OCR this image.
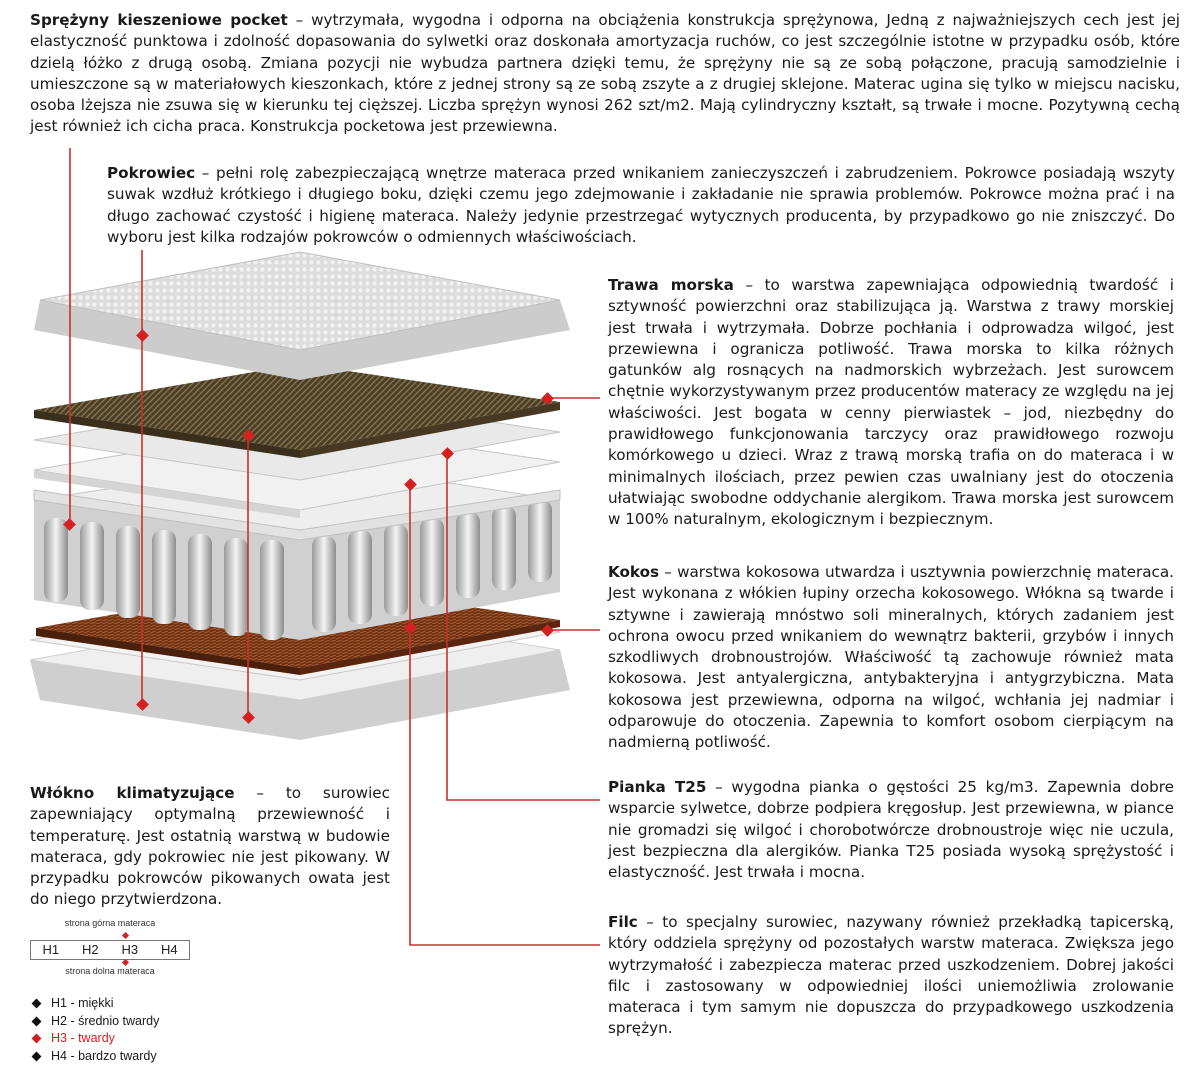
Sprężyny kieszeniowe pocket – wytrzymała, wygodna i odporna na obciążenia konstrukcja sprężynowa, Jedną z najważniejszych cech jest jej elastyczność punktowa i zdolność dopasowania do sylwetki oraz doskonała amortyzacja ruchów, co jest szczególnie istotne w przypadku osób, które dzielą łóżko z drugą osobą. Zmiana pozycji nie wybudza partnera dzięki temu, że sprężyny nie są ze sobą połączone, pracują samodzielnie i umieszczone są w materiałowych kieszonkach, które z jednej strony są ze sobą zszyte a z drugiej sklejone. Materac ugina się tylko w miejscu nacisku, osoba lżejsza nie zsuwa się w kierunku tej cięższej. Liczba sprężyn wynosi 262 szt/m2. Mają cylindryczny kształt, są trwałe i mocne. Pozytywną cechą jest również ich cicha praca. Konstrukcja pocketowa jest przewiewna.

Pokrowiec – pełni rolę zabezpieczającą wnętrze materaca przed wnikaniem zanieczyszczeń i zabrudzeniem. Pokrowce posiadają wszyty suwak wzdłuż krótkiego i długiego boku, dzięki czemu jego zdejmowanie i zakładanie nie sprawia problemów. Pokrowce można prać i na długo zachować czystość i higienę materaca. Należy jedynie przestrzegać wytycznych producenta, by przypadkowo go nie zniszczyć. Do wyboru jest kilka rodzajów pokrowców o odmiennych właściwościach.

Trawa morska – to warstwa zapewniająca odpowiednią twardość i sztywność powierzchni oraz stabilizująca ją. Warstwa z trawy morskiej jest trwała i wytrzymała. Dobrze pochłania i odprowadza wilgoć, jest przewiewna i ogranicza potliwość. Trawa morska to kilka różnych gatunków alg rosnących na nadmorskich wybrzeżach. Jest surowcem chętnie wykorzystywanym przez producentów materacy ze względu na jej właściwości. Jest bogata w cenny pierwiastek – jod, niezbędny do prawidłowego funkcjonowania tarczycy oraz prawidłowego rozwoju komórkowego u dzieci. Wraz z trawą morską trafia on do materaca i w minimalnych ilościach, przez pewien czas uwalniany jest do otoczenia ułatwiając swobodne oddychanie alergikom. Trawa morska jest surowcem w 100% naturalnym, ekologicznym i bezpiecznym.

Kokos – warstwa kokosowa utwardza i usztywnia powierzchnię materaca. Jest wykonana z włókien łupiny orzecha kokosowego. Włókna są twarde i sztywne i zawierają mnóstwo soli mineralnych, których zadaniem jest ochrona owocu przed wnikaniem do wewnątrz bakterii, grzybów i innych szkodliwych drobnoustrojów. Właściwość tą zachowuje również mata kokosowa. Jest antyalergiczna, antybakteryjna i antygrzybiczna. Mata kokosowa jest przewiewna, odporna na wilgoć, wchłania jej nadmiar i odparowuje do otoczenia. Zapewnia to komfort osobom cierpiącym na nadmierną potliwość.

Pianka T25 – wygodna pianka o gęstości 25 kg/m3. Zapewnia dobre wsparcie sylwetce, dobrze podpiera kręgosłup. Jest przewiewna, w piance nie gromadzi się wilgoć i chorobotwórcze drobnoustroje więc nie uczula, jest bezpieczna dla alergików. Pianka T25 posiada wysoką sprężystość i elastyczność. Jest trwała i mocna.

Filc – to specjalny surowiec, nazywany również przekładką tapicerską, który oddziela sprężyny od pozostałych warstw materaca. Zwiększa jego wytrzymałość i zabezpiecza materac przed uszkodzeniem. Dobrej jakości filc i zastosowany w odpowiedniej ilości uniemożliwia zrolowanie materaca i tym samym nie dopuszcza do przypadkowego uszkodzenia sprężyn.

Włókno klimatyzujące – to surowiec zapewniający optymalną przewiewność i temperaturę. Jest ostatnią warstwą w budowie materaca, gdy pokrowiec nie jest pikowany. W przypadku pokrowców pikowanych owata jest do niego przytwierdzona.

strona górna materaca
H1	H2	H3	H4
strona dolna materaca
H1 - miękki
H2 - średnio twardy
H3 - twardy
H4 - bardzo twardy
